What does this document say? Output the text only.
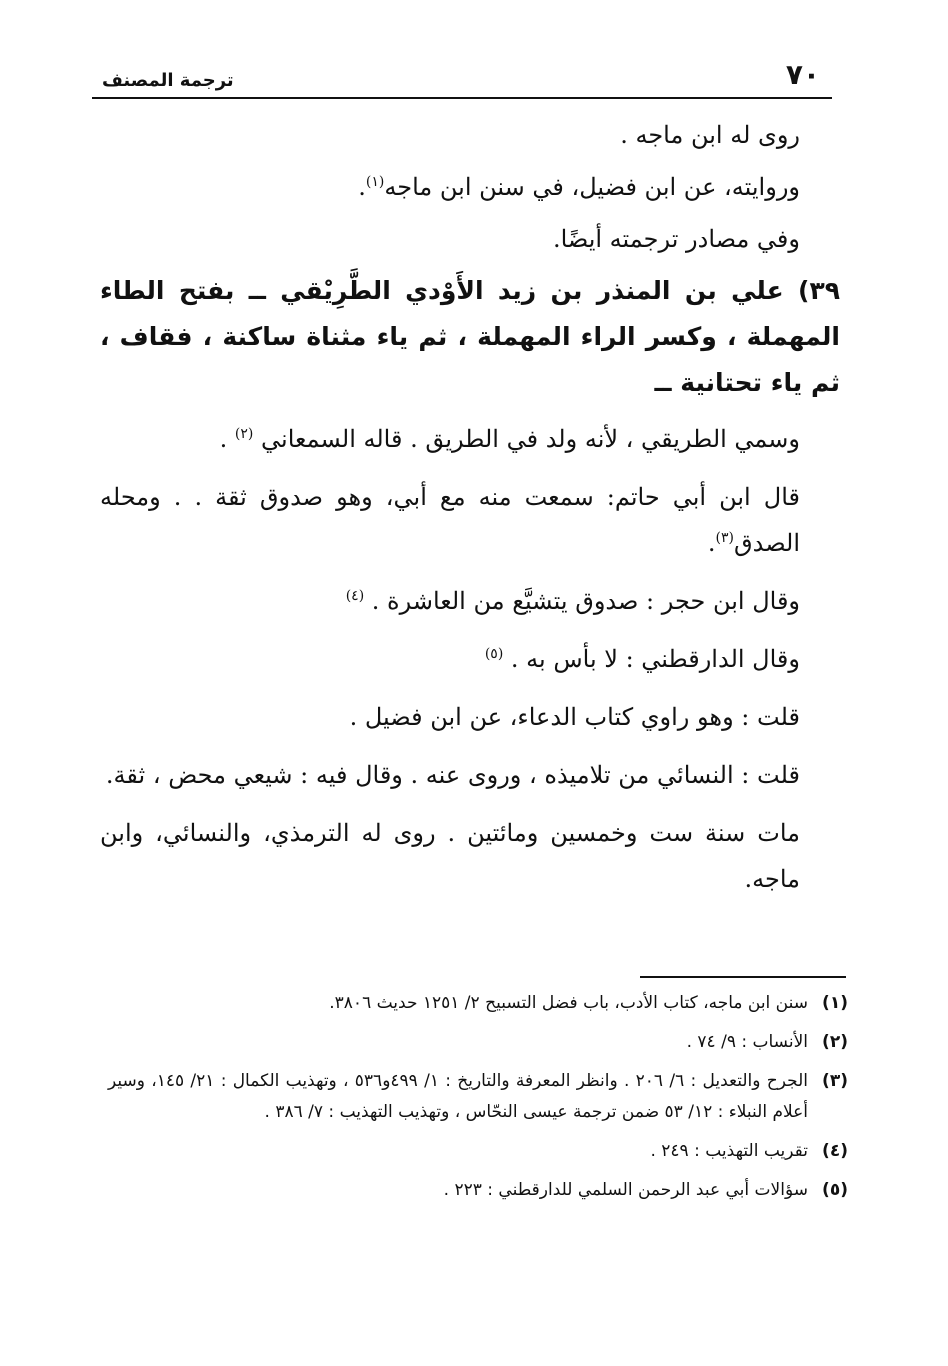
٧٠
ترجمة المصنف

روى له ابن ماجه .

وروايته، عن ابن فضيل، في سنن ابن ماجه$^{(١)}$.

وفي مصادر ترجمته أيضًا.

٣٩) علي بن المنذر بن زيد الأَوْدي الطَّرِيْقي ــ بفتح الطاء المهملة ، وكسر الراء المهملة ، ثم ياء مثناة ساكنة ، فقاف ، ثم ياء تحتانية ــ

وسمي الطريقي ، لأنه ولد في الطريق . قاله السمعاني $^{(٢)}$ .

قال ابن أبي حاتم: سمعت منه مع أبي، وهو صدوق ثقة . . ومحله الصدق$^{(٣)}$.

وقال ابن حجر : صدوق يتشيَّع من العاشرة . $^{(٤)}$

وقال الدارقطني : لا بأس به . $^{(٥)}$

قلت : وهو راوي كتاب الدعاء، عن ابن فضيل .

قلت : النسائي من تلاميذه ، وروى عنه . وقال فيه : شيعي محض ، ثقة.

مات سنة ست وخمسين ومائتين . روى له الترمذي، والنسائي، وابن ماجه.

(١)
سنن ابن ماجه، كتاب الأدب، باب فضل التسبيح ٢/ ١٢٥١ حديث ٣٨٠٦.
(٢)
الأنساب : ٩/ ٧٤ .
(٣)
الجرح والتعديل : ٦/ ٢٠٦ . وانظر المعرفة والتاريخ : ١/ ٤٩٩و٥٣٦ ، وتهذيب الكمال : ٢١/ ١٤٥، وسير أعلام النبلاء : ١٢/ ٥٣ ضمن ترجمة عيسى النحّاس ، وتهذيب التهذيب : ٧/ ٣٨٦ .
(٤)
تقريب التهذيب : ٢٤٩ .
(٥)
سؤالات أبي عبد الرحمن السلمي للدارقطني : ٢٢٣ .
